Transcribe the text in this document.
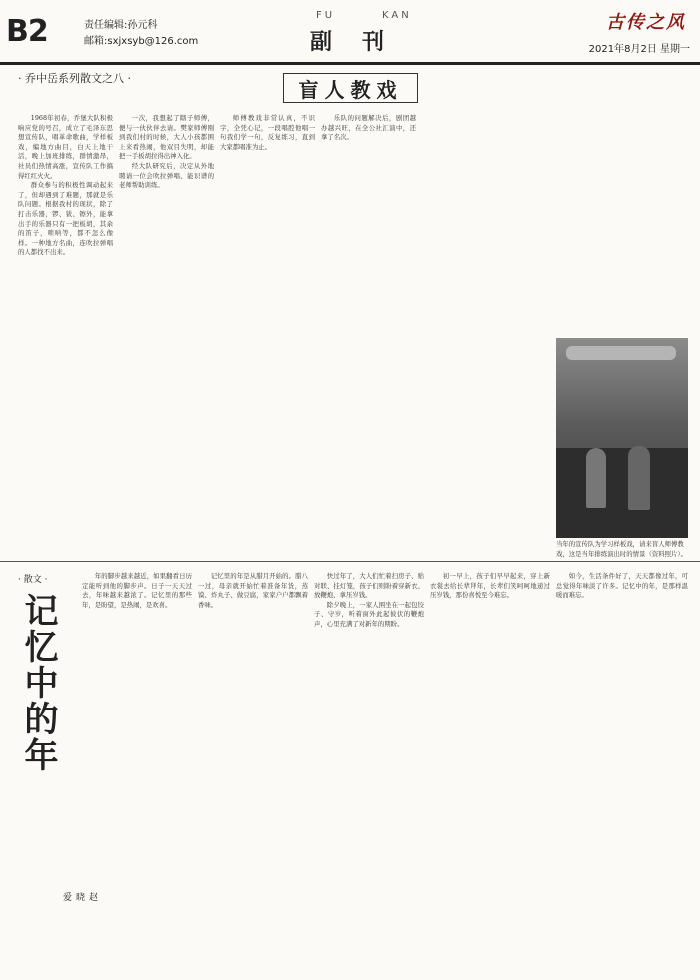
B2	责任编辑:孙元科
邮箱:sxjxsyb@126.com
FU	KAN
副刊
古传之风
2021年8月2日 星期一
· 乔中岳系列散文之八 ·	盲人教戏

1968年初春，乔堡大队积极响应党的号召，成立了毛泽东思想宣传队，唱革命歌曲，学样板戏，编地方曲目，白天上地干活，晚上加班排练，群情激昂，社员们热情高涨，宣传队工作搞得红红火火。

群众参与的积极性调动起来了，但却遇到了难题，那就是乐队问题。根据我村的现状，除了打击乐器，锣、钹、镲外，能拿出手的乐器只有一把板胡，其余的笛子，唢呐等，都不怎么像样。一种地方名曲，连吹拉弹唱的人都找不出来。

一次，我想起了瞎子师傅，便与一伙伙伴去请。樊家师傅刚到我们村的时候，大人小孩都围上来看热闹，他双目失明，却能把一手板胡拉得出神入化。

经大队研究后，决定从外地聘请一位会吹拉弹唱、能识谱的老师帮助训练。

师傅教戏非常认真，不识字，全凭心记，一段唱腔他唱一句我们学一句，反复练习，直到大家都唱准为止。

乐队的问题解决后，剧团越办越兴旺，在全公社汇演中，还拿了名次。

当年的宣传队为学习样板戏，请来盲人师傅教戏，这是当年排练演出时的情景（资料照片）。

· 散文 ·
记忆中的年
赵晓爱

年的脚步越来越近，如果翻看日历定能听到他的脚步声。日子一天天过去，年味越来越浓了。记忆里的那些年，是盼望，是热闹，是欢喜。

记忆里的年是从腊月开始的。腊八一过，母亲就开始忙着准备年货，蒸馍、炸丸子、做豆腐，家家户户都飘着香味。

快过年了，大人们忙着扫房子、贴对联、挂灯笼，孩子们则盼着穿新衣、放鞭炮、拿压岁钱。

除夕晚上，一家人围坐在一起包饺子、守岁，听着窗外此起彼伏的鞭炮声，心里充满了对新年的期盼。

初一早上，孩子们早早起来，穿上新衣裳去给长辈拜年，长辈们笑呵呵地递过压岁钱，那份喜悦至今难忘。

如今，生活条件好了，天天都像过年，可总觉得年味淡了许多。记忆中的年，是那样温暖而难忘。
